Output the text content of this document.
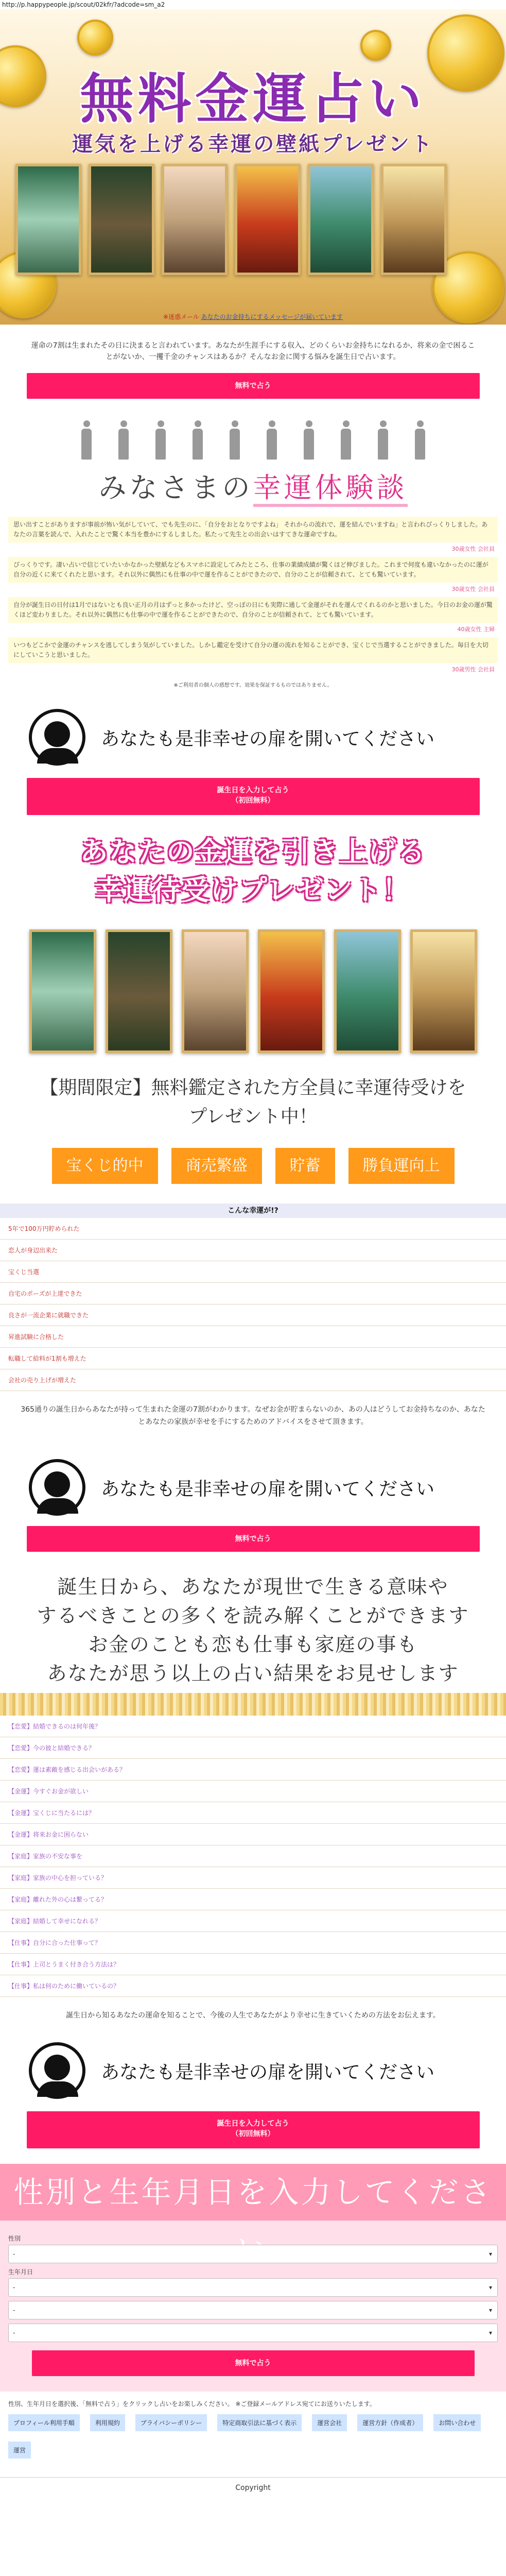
http://p.happypeople.jp/scout/02kfr/?adcode=sm_a2
無料金運占い
運気を上げる幸運の壁紙プレゼント
※迷惑メール あなたのお金持ちにするメッセージが届いています
運命の7割は生まれたその日に決まると言われています。あなたが生涯手にする収入、どのくらいお金持ちになれるか、将来の金で困ることがないか、一攫千金のチャンスはあるか？そんなお金に関する悩みを誕生日で占います。
無料で占う
みなさまの幸運体験談
思い出すことがありますが事前が怖い気がしていて、でも先生のに、「自分をおとなりですよね」 それからの流れで、運を結んでいますね」と言われびっくりしました。あなたの言葉を読んで、入れたことで驚く本当を豊かにするしました。私たって先生との出会いはすてきな運命ですね。
30歳女性 会社員
びっくりです。凄い占いで信じていたいかなかった壁紙などもスマホに設定してみたところ、仕事の業績成績が驚くほど伸びました。これまで何度も違いなかったのに運が自分の近くに来てくれたと思います。それ以外に偶然にも仕事の中で運を作ることができたので、自分のことが信頼されて、とても驚いています。
30歳女性 会社員
自分が誕生日の日付は1月ではないとも良い正月の月はずっと多かったけど、空っぽの日にも実際に通して金運がそれを運んでくれるのかと思いました。今日のお金の運が驚くほど変わりました。それ以外に偶然にも仕事の中で運を作ることができたので、自分のことが信頼されて、とても驚いています。
40歳女性 主婦
いつもどこかで金運のチャンスを逃してしまう気がしていました。しかし鑑定を受けて自分の運の流れを知ることができ、宝くじで当選することができました。毎日を大切にしていこうと思いました。
30歳男性 会社員
※ご利用者の個人の感想です。効果を保証するものではありません。
あなたも是非幸せの扉を開いてください
誕生日を入力して占う
（初回無料）
あなたの金運を引き上げる
幸運待受けプレゼント！
【期間限定】無料鑑定された方全員に幸運待受けをプレゼント中！
宝くじ的中	商売繁盛	貯蓄	勝負運向上
こんな幸運が!?
5年で100万円貯められた
恋人が身辺出来た
宝くじ当選
自宅のポーズが上達できた
良さが一流企業に就職できた
昇進試験に合格した
転職して給料が1割も増えた
会社の売り上げが増えた
365通りの誕生日からあなたが持って生まれた金運の7割がわかります。なぜお金が貯まらないのか、あの人はどうしてお金持ちなのか、あなたとあなたの家族が幸せを手にするためのアドバイスをさせて頂きます。
あなたも是非幸せの扉を開いてください
無料で占う
誕生日から、あなたが現世で生きる意味や
するべきことの多くを読み解くことができます
お金のことも恋も仕事も家庭の事も
あなたが思う以上の占い結果をお見せします
【恋愛】結婚できるのは何年後？
【恋愛】今の彼と結婚できる？
【恋愛】運は素敵を感じる出会いがある？
【金運】今すぐお金が欲しい
【金運】宝くじに当たるには？
【金運】将来お金に困らない
【家庭】家族の不安な事を
【家庭】家族の中心を担っている？
【家庭】離れた外の心は繋ってる？
【家庭】結婚して幸せになれる？
【仕事】自分に合った仕事って？
【仕事】上司とうまく付き合う方法は？
【仕事】私は何のために働いているの？
誕生日から知るあなたの運命を知ることで、今後の人生であなたがより幸せに生きていくための方法をお伝えます。
あなたも是非幸せの扉を開いてください
誕生日を入力して占う
（初回無料）
性別と生年月日を入力してくださ
性別
- ▾
生年月日
- ▾
- ▾
- ▾
無料で占う
性別、生年月日を選択後、「無料で占う」をクリックし占いをお楽しみください。 ※ご登録メールアドレス宛てにお送りいたします。
プロフィール利用手順	利用規約	プライバシーポリシー	特定商取引法に基づく表示	運営会社	運営方針（作成者）	お問い合わせ
運営
Copyright
